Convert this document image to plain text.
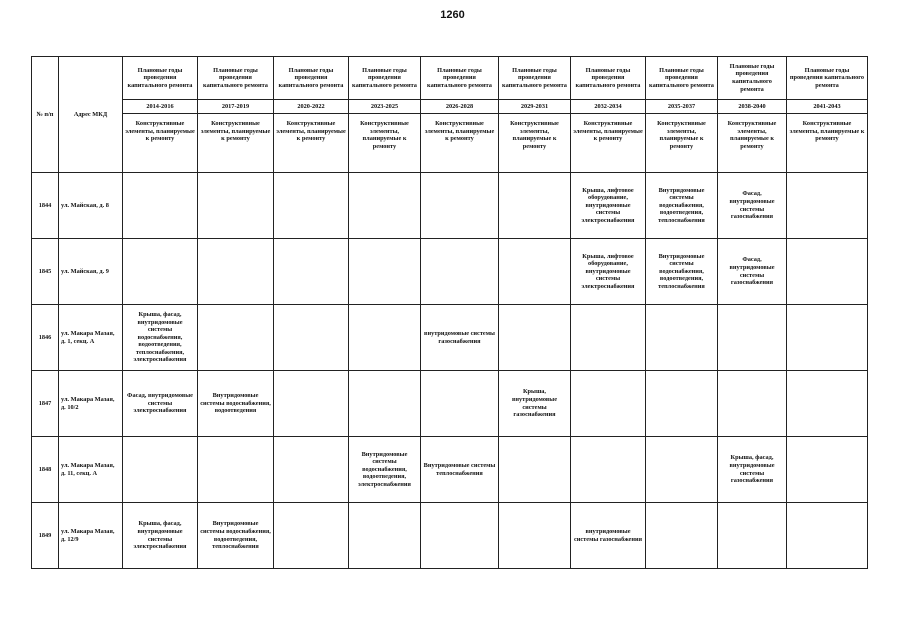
1260
№ п/п	Адрес МКД	Плановые годы проведения капитального ремонта	Плановые годы проведения капитального ремонта	Плановые годы проведения капитального ремонта	Плановые годы проведения капитального ремонта	Плановые годы проведения капитального ремонта	Плановые годы проведения капитального ремонта	Плановые годы проведения капитального ремонта	Плановые годы проведения капитального ремонта	Плановые годы проведения капитального ремонта	Плановые годы проведения капитального ремонта
		2014-2016	2017-2019	2020-2022	2023-2025	2026-2028	2029-2031	2032-2034	2035-2037	2038-2040	2041-2043
		Конструктивные элементы, планируемые к ремонту	Конструктивные элементы, планируемые к ремонту	Конструктивные элементы, планируемые к ремонту	Конструктивные элементы, планируемые к ремонту	Конструктивные элементы, планируемые к ремонту	Конструктивные элементы, планируемые к ремонту	Конструктивные элементы, планируемые к ремонту	Конструктивные элементы, планируемые к ремонту	Конструктивные элементы, планируемые к ремонту	Конструктивные элементы, планируемые к ремонту
1844	ул. Майская, д. 8							Крыша, лифтовое оборудование, внутридомовые системы электроснабжения	Внутридомовые системы водоснабжения, водоотведения, теплоснабжения	Фасад, внутридомовые системы газоснабжения	
1845	ул. Майская, д. 9							Крыша, лифтовое оборудование, внутридомовые системы электроснабжения	Внутридомовые системы водоснабжения, водоотведения, теплоснабжения	Фасад, внутридомовые системы газоснабжения	
1846	ул. Макара Мазая, д. 1, секц. А	Крыша, фасад, внутридомовые системы водоснабжения, водоотведения, теплоснабжения, электроснабжения				внутридомовые системы газоснабжения					
1847	ул. Макара Мазая, д. 10/2	Фасад, внутридомовые системы электроснабжения	Внутридомовые системы водоснабжения, водоотведения				Крыша, внутридомовые системы газоснабжения				
1848	ул. Макара Мазая, д. 11, секц. А				Внутридомовые системы водоснабжения, водоотведения, электроснабжения	Внутридомовые системы теплоснабжения				Крыша, фасад, внутридомовые системы газоснабжения	
1849	ул. Макара Мазая, д. 12/9	Крыша, фасад, внутридомовые системы электроснабжения	Внутридомовые системы водоснабжения, водоотведения, теплоснабжения					внутридомовые системы газоснабжения			
